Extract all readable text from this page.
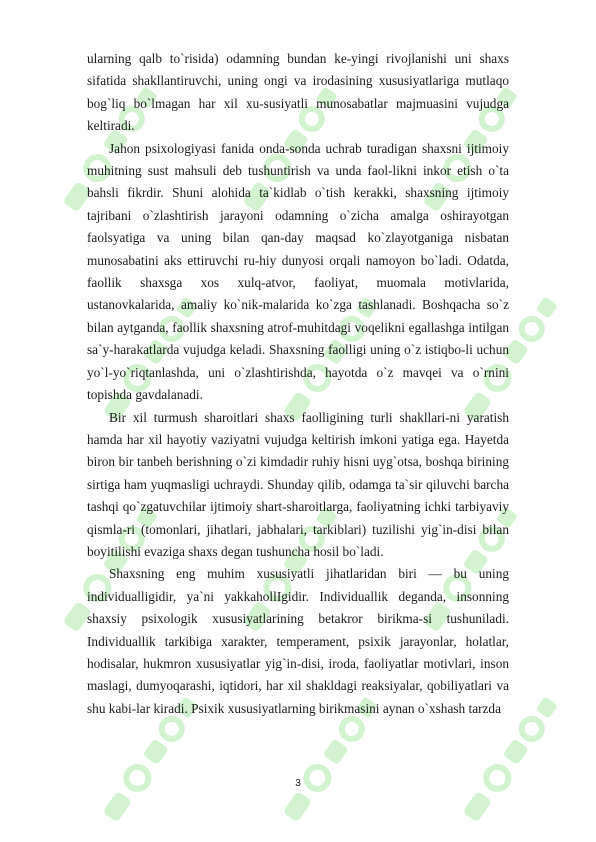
ularning qalb to`risida) odamning bundan ke-yingi rivojlanishi uni shaxs sifatida shakllantiruvchi, uning ongi va irodasining xususiyatlariga mutlaqo bog`liq bo`lmagan har xil xu-susiyatli munosabatlar majmuasini vujudga keltiradi.

Jahon psixologiyasi fanida onda-sonda uchrab turadigan shaxsni ijtimoiy muhitning sust mahsuli deb tushuntirish va unda faol-likni inkor etish o`ta bahsli fikrdir. Shuni alohida ta`kidlab o`tish kerakki, shaxsning ijtimoiy tajribani o`zlashtirish jarayoni odamning o`zicha amalga oshirayotgan faolsyatiga va uning bilan qan-day maqsad ko`zlayotganiga nisbatan munosabatini aks ettiruvchi ru-hiy dunyosi orqali namoyon bo`ladi. Odatda, faollik shaxsga xos xulq-atvor, faoliyat, muomala motivlarida, ustanovkalarida, amaliy ko`nik-malarida ko`zga tashlanadi. Boshqacha so`z bilan aytganda, faollik shaxsning atrof-muhitdagi voqelikni egallashga intilgan sa`y-harakatlarda vujudga keladi. Shaxsning faolligi uning o`z istiqbo-li uchun yo`l-yo`riqtanlashda, uni o`zlashtirishda, hayotda o`z mavqei va o`rnini topishda gavdalanadi.

Bir xil turmush sharoitlari shaxs faolligining turli shakllari-ni yaratish hamda har xil hayotiy vaziyatni vujudga keltirish imkoni yatiga ega. Hayetda biron bir tanbeh berishning o`zi kimdadir ruhiy hisni uyg`otsa, boshqa birining sirtiga ham yuqmasligi uchraydi. Shunday qilib, odamga ta`sir qiluvchi barcha tashqi qo`zgatuvchilar ijtimoiy shart-sharoitlarga, faoliyatning ichki tarbiyaviy qismla-ri (tomonlari, jihatlari, jabhalari, tarkiblari) tuzilishi yig`in-disi bilan boyitilishi evaziga shaxs degan tushuncha hosil bo`ladi.

Shaxsning eng muhim xususiyatli jihatlaridan biri — bu uning individualligidir, ya`ni yakkahollIgidir. Individuallik deganda, insonning shaxsiy psixologik xususiyatlarining betakror birikma-si tushuniladi. Individuallik tarkibiga xarakter, temperament, psixik jarayonlar, holatlar, hodisalar, hukmron xususiyatlar yig`in-disi, iroda, faoliyatlar motivlari, inson maslagi, dumyoqarashi, iqtidori, har xil shakldagi reaksiyalar, qobiliyatlari va shu kabi-lar kiradi. Psixik xususiyatlarning birikmasini aynan o`xshash tarzda

3
